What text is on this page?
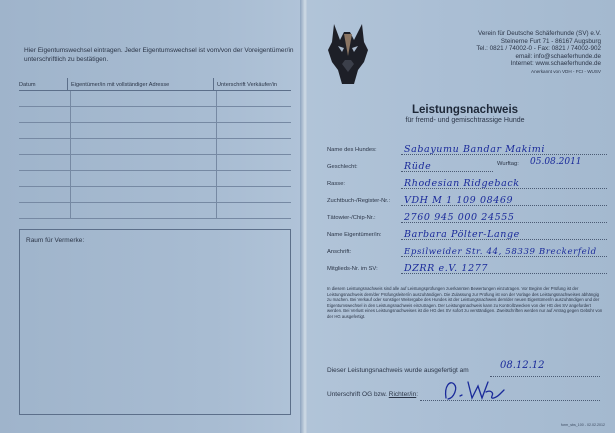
Hier Eigentumswechsel eintragen. Jeder Eigentumswechsel ist vom/von der Voreigentümer/in unterschriftlich zu bestätigen.
Datum	Eigentümer/in mit vollständiger Adresse	Unterschrift Verkäufer/in
Raum für Vermerke:
Verein für Deutsche Schäferhunde (SV) e.V.
Steinerne Furt 71 - 86167 Augsburg
Tel.: 0821 / 74002-0 - Fax: 0821 / 74002-902
email: info@schaeferhunde.de
Internet: www.schaeferhunde.de
Anerkannt von VDH - FCI - WUSV
Leistungsnachweis
für fremd- und gemischtrassige Hunde
Name des Hundes:	Sabayumu Bandar Makimi
Geschlecht:	Rüde	Wurftag: 05.08.2011
Rasse:	Rhodesian Ridgeback
Zuchtbuch-/Register-Nr.: VDH M 1 109 08469
Tätowier-/Chip-Nr.:	2760 945 000 24555
Name Eigentümer/in: Barbara Pölter-Lange
Anschrift:	Epsilweider Str. 44, 58339 Breckerfeld
Mitglieds-Nr. im SV:	DZRR e.V. 1277
In diesem Leistungsnachweis sind alle auf Leistungsprüfungen zuerkannten Bewertungen einzutragen. Vor Beginn der Prüfung ist der Leistungsnachweis dem/der Prüfungsleiter/in auszuhändigen. Die Zulassung zur Prüfung ist von der Vorlage des Leistungsnachweises abhängig zu machen. Bei Verkauf oder sonstiger Weitergabe des Hundes ist der Leistungsnachweis dem/der neuen Eigentümer/in auszuhändigen und der Eigentumswechsel in den Leistungsnachweis einzutragen. Der Leistungsnachweis kann zu Kontrollzwecken von der HG des SV angefordert werden. Bei Verlust eines Leistungsnachweises ist die HG des SV sofort zu verständigen. Zweitschriften werden nur auf Antrag gegen Gebühr von der HG ausgefertigt.
Dieser Leistungsnachweis wurde ausgefertigt am	08.12.12
Unterschrift OG bzw. Richter/in:
form_sbs_100 - 02.02.2012
